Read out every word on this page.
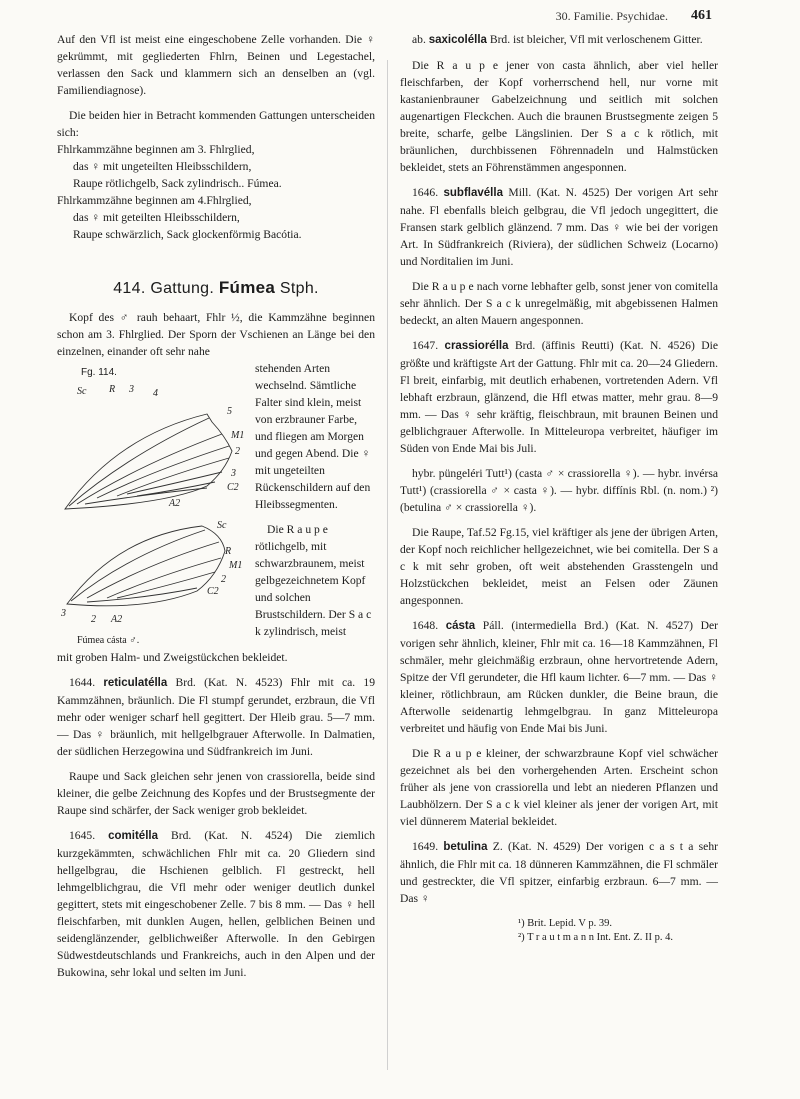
30. Familie. Psychidae. 461

Auf den Vfl ist meist eine eingeschobene Zelle vorhanden. Die ♀ gekrümmt, mit gegliederten Fhlrn, Beinen und Legestachel, verlassen den Sack und klammern sich an denselben an (vgl. Familiendiagnose).

Die beiden hier in Betracht kommenden Gattungen unterscheiden sich:

Fhlrkammzähne beginnen am 3. Fhlrglied,
das ♀ mit ungeteilten Hleibsschildern,
Raupe rötlichgelb, Sack zylindrisch.. Fúmea.
Fhlrkammzähne beginnen am 4.Fhlrglied,
das ♀ mit geteilten Hleibsschildern,
Raupe schwärzlich, Sack glockenförmig Bacótia.
414. Gattung. Fúmea Stph.

Kopf des ♂ rauh behaart, Fhlr ½, die Kammzähne beginnen schon am 3. Fhlrglied. Der Sporn der Vschienen an Länge bei den einzelnen, einander oft sehr nahe

Fg. 114.
Sc R 3 4
5
M1
2
3
C2
A2
Sc
R
M1
2
C2
2 A2
3
Fúmea cásta ♂.

stehenden Arten wechselnd. Sämtliche Falter sind klein, meist von erzbrauner Farbe, und fliegen am Morgen und gegen Abend. Die ♀ mit ungeteilten Rückenschildern auf den Hleibssegmenten.

Die R a u p e rötlichgelb, mit schwarzbraunem, meist gelbgezeichnetem Kopf und solchen Brustschildern. Der S a c k zylindrisch, meist

mit groben Halm- und Zweigstückchen bekleidet.

1644. reticulatélla Brd. (Kat. N. 4523) Fhlr mit ca. 19 Kammzähnen, bräunlich. Die Fl stumpf gerundet, erzbraun, die Vfl mehr oder weniger scharf hell gegittert. Der Hleib grau. 5—7 mm. — Das ♀ bräunlich, mit hellgelbgrauer Afterwolle. In Dalmatien, der südlichen Herzegowina und Südfrankreich im Juni.

Raupe und Sack gleichen sehr jenen von crassiorella, beide sind kleiner, die gelbe Zeichnung des Kopfes und der Brustsegmente der Raupe sind schärfer, der Sack weniger grob bekleidet.

1645. comitélla Brd. (Kat. N. 4524) Die ziemlich kurzgekämmten, schwächlichen Fhlr mit ca. 20 Gliedern sind hellgelbgrau, die Hschienen gelblich. Fl gestreckt, hell lehmgelblichgrau, die Vfl mehr oder weniger deutlich dunkel gegittert, stets mit eingeschobener Zelle. 7 bis 8 mm. — Das ♀ hell fleischfarben, mit dunklen Augen, hellen, gelblichen Beinen und seidenglänzender, gelblichweißer Afterwolle. In den Gebirgen Südwestdeutschlands und Frankreichs, auch in den Alpen und der Bukowina, sehr lokal und selten im Juni.

ab. saxicolélla Brd. ist bleicher, Vfl mit verloschenem Gitter.

Die R a u p e jener von casta ähnlich, aber viel heller fleischfarben, der Kopf vorherrschend hell, nur vorne mit kastanienbrauner Gabelzeichnung und seitlich mit solchen augenartigen Fleckchen. Auch die braunen Brustsegmente zeigen 5 breite, scharfe, gelbe Längslinien. Der S a c k rötlich, mit bräunlichen, durchbissenen Föhrennadeln und Halmstücken bekleidet, stets an Föhrenstämmen angesponnen.

1646. subflavélla Mill. (Kat. N. 4525) Der vorigen Art sehr nahe. Fl ebenfalls bleich gelbgrau, die Vfl jedoch ungegittert, die Fransen stark gelblich glänzend. 7 mm. Das ♀ wie bei der vorigen Art. In Südfrankreich (Riviera), der südlichen Schweiz (Locarno) und Norditalien im Juni.

Die R a u p e nach vorne lebhafter gelb, sonst jener von comitella sehr ähnlich. Der S a c k unregelmäßig, mit abgebissenen Halmen bedeckt, an alten Mauern angesponnen.

1647. crassiorélla Brd. (äffinis Reutti) (Kat. N. 4526) Die größte und kräftigste Art der Gattung. Fhlr mit ca. 20—24 Gliedern. Fl breit, einfarbig, mit deutlich erhabenen, vortretenden Adern. Vfl lebhaft erzbraun, glänzend, die Hfl etwas matter, mehr grau. 8—9 mm. — Das ♀ sehr kräftig, fleischbraun, mit braunen Beinen und gelblichgrauer Afterwolle. In Mitteleuropa verbreitet, häufiger im Süden von Ende Mai bis Juli.

hybr. püngeléri Tutt¹) (casta ♂ × crassiorella ♀). — hybr. invérsa Tutt¹) (crassiorella ♂ × casta ♀). — hybr. diffínis Rbl. (n. nom.) ²) (betulina ♂ × crassiorella ♀).

Die Raupe, Taf.52 Fg.15, viel kräftiger als jene der übrigen Arten, der Kopf noch reichlicher hellgezeichnet, wie bei comitella. Der S a c k mit sehr groben, oft weit abstehenden Grasstengeln und Holzstückchen bekleidet, meist an Felsen oder Zäunen angesponnen.

1648. cásta Páll. (intermediella Brd.) (Kat. N. 4527) Der vorigen sehr ähnlich, kleiner, Fhlr mit ca. 16—18 Kammzähnen, Fl schmäler, mehr gleichmäßig erzbraun, ohne hervortretende Adern, Spitze der Vfl gerundeter, die Hfl kaum lichter. 6—7 mm. — Das ♀ kleiner, rötlichbraun, am Rücken dunkler, die Beine braun, die Afterwolle seidenartig lehmgelbgrau. In ganz Mitteleuropa verbreitet und häufig von Ende Mai bis Juni.

Die R a u p e kleiner, der schwarzbraune Kopf viel schwächer gezeichnet als bei den vorhergehenden Arten. Erscheint schon früher als jene von crassiorella und lebt an niederen Pflanzen und Laubhölzern. Der S a c k viel kleiner als jener der vorigen Art, mit viel dünnerem Material bekleidet.

1649. betulina Z. (Kat. N. 4529) Der vorigen c a s t a sehr ähnlich, die Fhlr mit ca. 18 dünneren Kammzähnen, die Fl schmäler und gestreckter, die Vfl spitzer, einfarbig erzbraun. 6—7 mm. — Das ♀

¹) Brit. Lepid. V p. 39.
²) T r a u t m a n n Int. Ent. Z. II p. 4.
